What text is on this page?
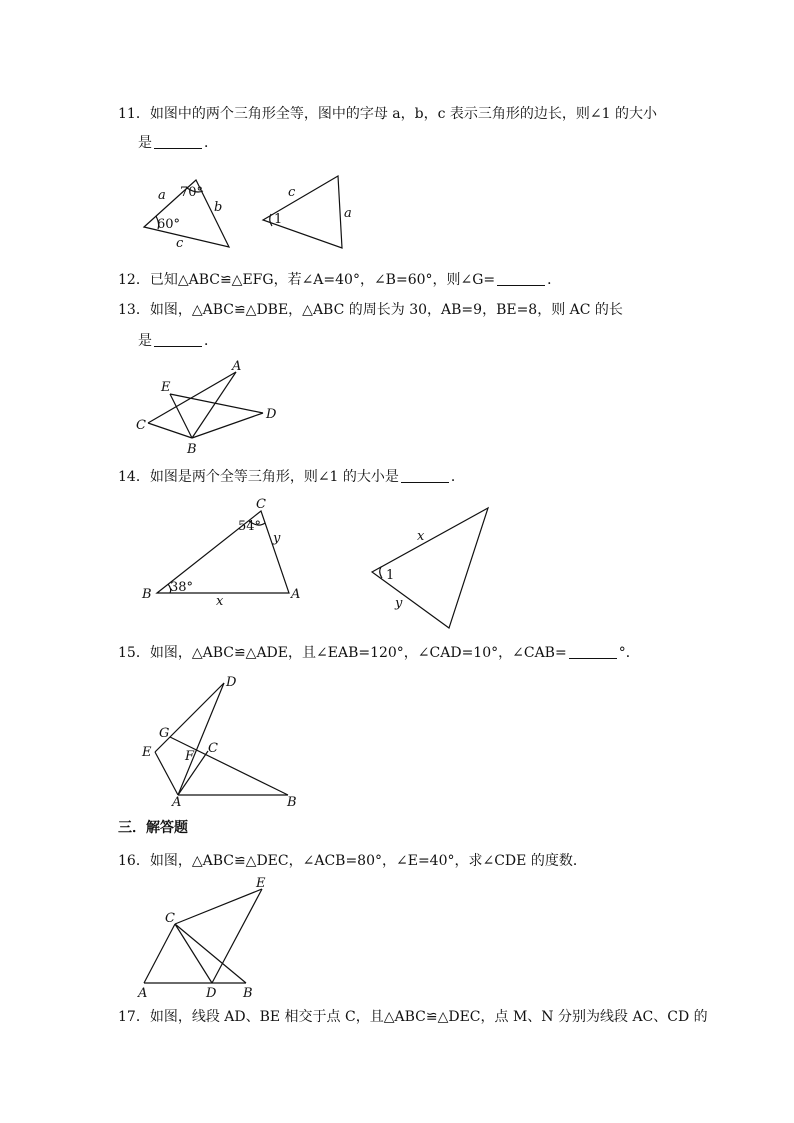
11．如图中的两个三角形全等，图中的字母 a，b，c 表示三角形的边长，则∠1 的大小
是	．
12．已知△ABC≌△EFG，若∠A=40°，∠B=60°，则∠G=	．
13．如图，△ABC≌△DBE，△ABC 的周长为 30，AB=9，BE=8，则 AC 的长
是	．
14．如图是两个全等三角形，则∠1 的大小是	．
15．如图，△ABC≌△ADE，且∠EAB=120°，∠CAD=10°，∠CAB=	°．
三．解答题
16．如图，△ABC≌△DEC，∠ACB=80°，∠E=40°，求∠CDE 的度数．
17．如图，线段 AD、BE 相交于点 C，且△ABC≌△DEC，点 M、N 分别为线段 AC、CD 的
a
b
c
70°
60°
c
a
1
A
B
C
D
E
C
B	A
54°
38°
y
x
x
y
1
D
G
E	C
F
A	B
E
C
A	D B
